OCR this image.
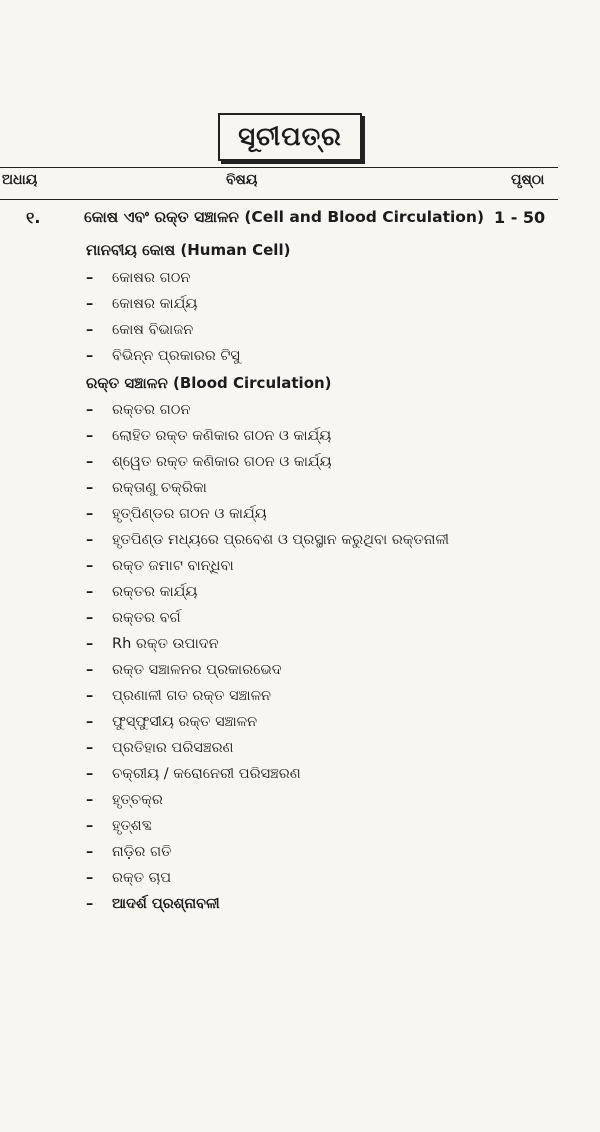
ସୂଚୀପତ୍ର
ଅଧାୟ	ବିଷୟ	ପୃଷ୍ଠା
୧.	କୋଷ ଏବଂ ରକ୍ତ ସଞ୍ଚାଳନ (Cell and Blood Circulation) 1 - 50
ମାନବୀୟ କୋଷ (Human Cell)
– କୋଷର ଗଠନ
– କୋଷର କାର୍ଯ୍ୟ
– କୋଷ ବିଭାଜନ
– ବିଭିନ୍ନ ପ୍ରକାରର ଟିସୁ
ରକ୍ତ ସଞ୍ଚାଳନ (Blood Circulation)
– ରକ୍ତର ଗଠନ
– ଲୋହିତ ରକ୍ତ କଣିକାର ଗଠନ ଓ କାର୍ଯ୍ୟ
– ଶ୍ୱେତ ରକ୍ତ କଣିକାର ଗଠନ ଓ କାର୍ଯ୍ୟ
– ରକ୍ତାଣୁ ଚକ୍ରିକା
– ହୃତ୍‌ପିଣ୍ଡର ଗଠନ ଓ କାର୍ଯ୍ୟ
– ହୃତପିଣ୍ଡ ମଧ୍ୟରେ ପ୍ରବେଶ ଓ ପ୍ରସ୍ଥାନ କରୁଥିବା ରକ୍ତନାଳୀ
– ରକ୍ତ ଜମାଟ ବାନ୍ଧିବା
– ରକ୍ତର କାର୍ଯ୍ୟ
– ରକ୍ତର ବର୍ଗ
– Rh ରକ୍ତ ଉପାଦନ
– ରକ୍ତ ସଞ୍ଚାଳନର ପ୍ରକାରଭେଦ
– ପ୍ରଣାଳୀ ଗତ ରକ୍ତ ସଞ୍ଚାଳନ
– ଫୁସ୍‌ଫୁସୀୟ ରକ୍ତ ସଞ୍ଚାଳନ
– ପ୍ରତିହାର ପରିସଞ୍ଚରଣ
– ଚକ୍ରୀୟ / କରୋନେରୀ ପରିସଞ୍ଚରଣ
– ହୃତ୍‌ଚକ୍ର
– ହୃତ୍‌ଶବ୍ଦ
– ନାଡ଼ିର ଗତି
– ରକ୍ତ ଚାପ
– ଆଦର୍ଶ ପ୍ରଶ୍ନାବଳୀ
